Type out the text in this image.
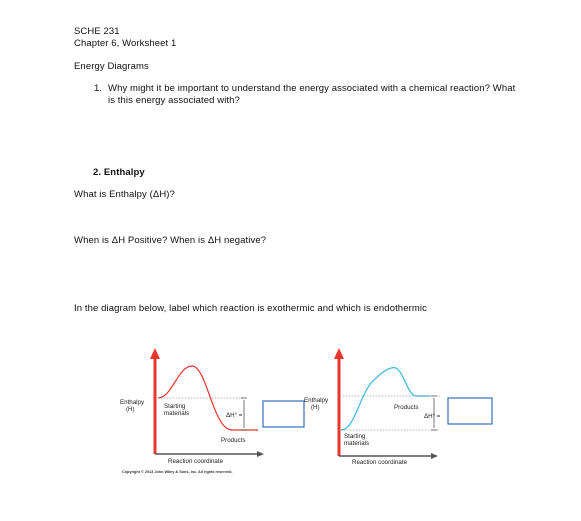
SCHE 231
Chapter 6, Worksheet 1
Energy Diagrams
1. Why might it be important to understand the energy associated with a chemical reaction? What
is this energy associated with?
2. Enthalpy
What is Enthalpy (ΔH)?
When is ΔH Positive? When is ΔH negative?
In the diagram below, label which reaction is exothermic and which is endothermic
Enthalpy
(H)	Starting
materials	ΔH° =
Products
Reaction coordinate
Copyright © 2013 John Wiley & Sons, Inc. All rights reserved.
Enthalpy
(H)	Products
ΔH° =
Starting
materials
Reaction coordinate
